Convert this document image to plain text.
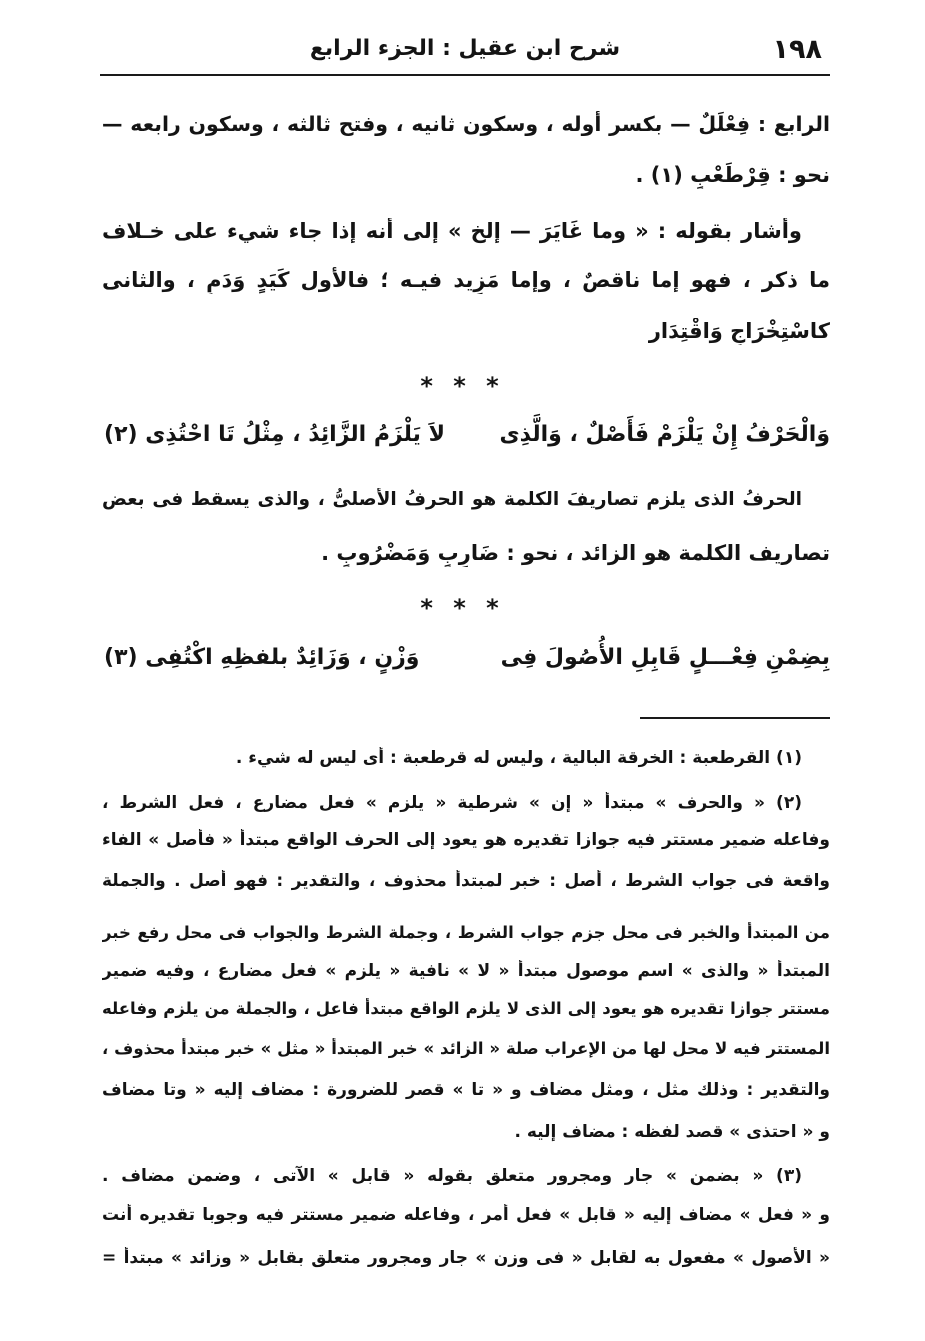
١٩٨
شرح ابن عقيل : الجزء الرابع
الرابع : فِعْلَلٌ — بكسر أوله ، وسكون ثانيه ، وفتح ثالثه ، وسكون رابعه —
نحو : قِرْطَعْبٍ (١) .
وأشار بقوله : « وما غَايَرَ — إلخ » إلى أنه إذا جاء شيء على خـلاف
ما ذكر ، فهو إما ناقصٌ ، وإما مَزِيد فيـه ؛ فالأول كَيَدٍ وَدَمٍ ، والثانى
كاسْتِخْرَاجٍ وَاقْتِدَار
* * *
وَالْحَرْفُ إِنْ يَلْزَمْ فَأَصْلٌ ، وَالَّذِى
لاَ يَلْزَمُ الزَّائِدُ ، مِثْلُ تَا احْتُذِى (٢)
الحرفُ الذى يلزم تصاريفَ الكلمة هو الحرفُ الأصلىُّ ، والذى يسقط فى بعض
تصاريف الكلمة هو الزائد ، نحو : ضَارِبٍ وَمَضْرُوبٍ .
* * *
بِضِمْنِ فِعْـــلٍ قَابِلِ الأُصُولَ فِى
وَزْنٍ ، وَزَائِدٌ بلفظِهِ اكْتُفِى (٣)
(١) القرطعبة : الخرقة البالية ، وليس له قرطعبة : أى ليس له شيء .
(٢) « والحرف » مبتدأ « إن » شرطية « يلزم » فعل مضارع ، فعل الشرط ،
وفاعله ضمير مستتر فيه جوازا تقديره هو يعود إلى الحرف الواقع مبتدأ « فأصل » الفاء
واقعة فى جواب الشرط ، أصل : خبر لمبتدأ محذوف ، والتقدير : فهو أصل . والجملة
من المبتدأ والخبر فى محل جزم جواب الشرط ، وجملة الشرط والجواب فى محل رفع خبر
المبتدأ « والذى » اسم موصول مبتدأ « لا » نافية « يلزم » فعل مضارع ، وفيه ضمير
مستتر جوازا تقديره هو يعود إلى الذى لا يلزم الواقع مبتدأ فاعل ، والجملة من يلزم وفاعله
المستتر فيه لا محل لها من الإعراب صلة « الزائد » خبر المبتدأ « مثل » خبر مبتدأ محذوف ،
والتقدير : وذلك مثل ، ومثل مضاف و « تا » قصر للضرورة : مضاف إليه « وتا مضاف
و « احتذى » قصد لفظه : مضاف إليه .
(٣) « بضمن » جار ومجرور متعلق بقوله « قابل » الآتى ، وضمن مضاف .
و « فعل » مضاف إليه « قابل » فعل أمر ، وفاعله ضمير مستتر فيه وجوبا تقديره أنت
« الأصول » مفعول به لقابل « فى وزن » جار ومجرور متعلق بقابل « وزائد » مبتدأ =
